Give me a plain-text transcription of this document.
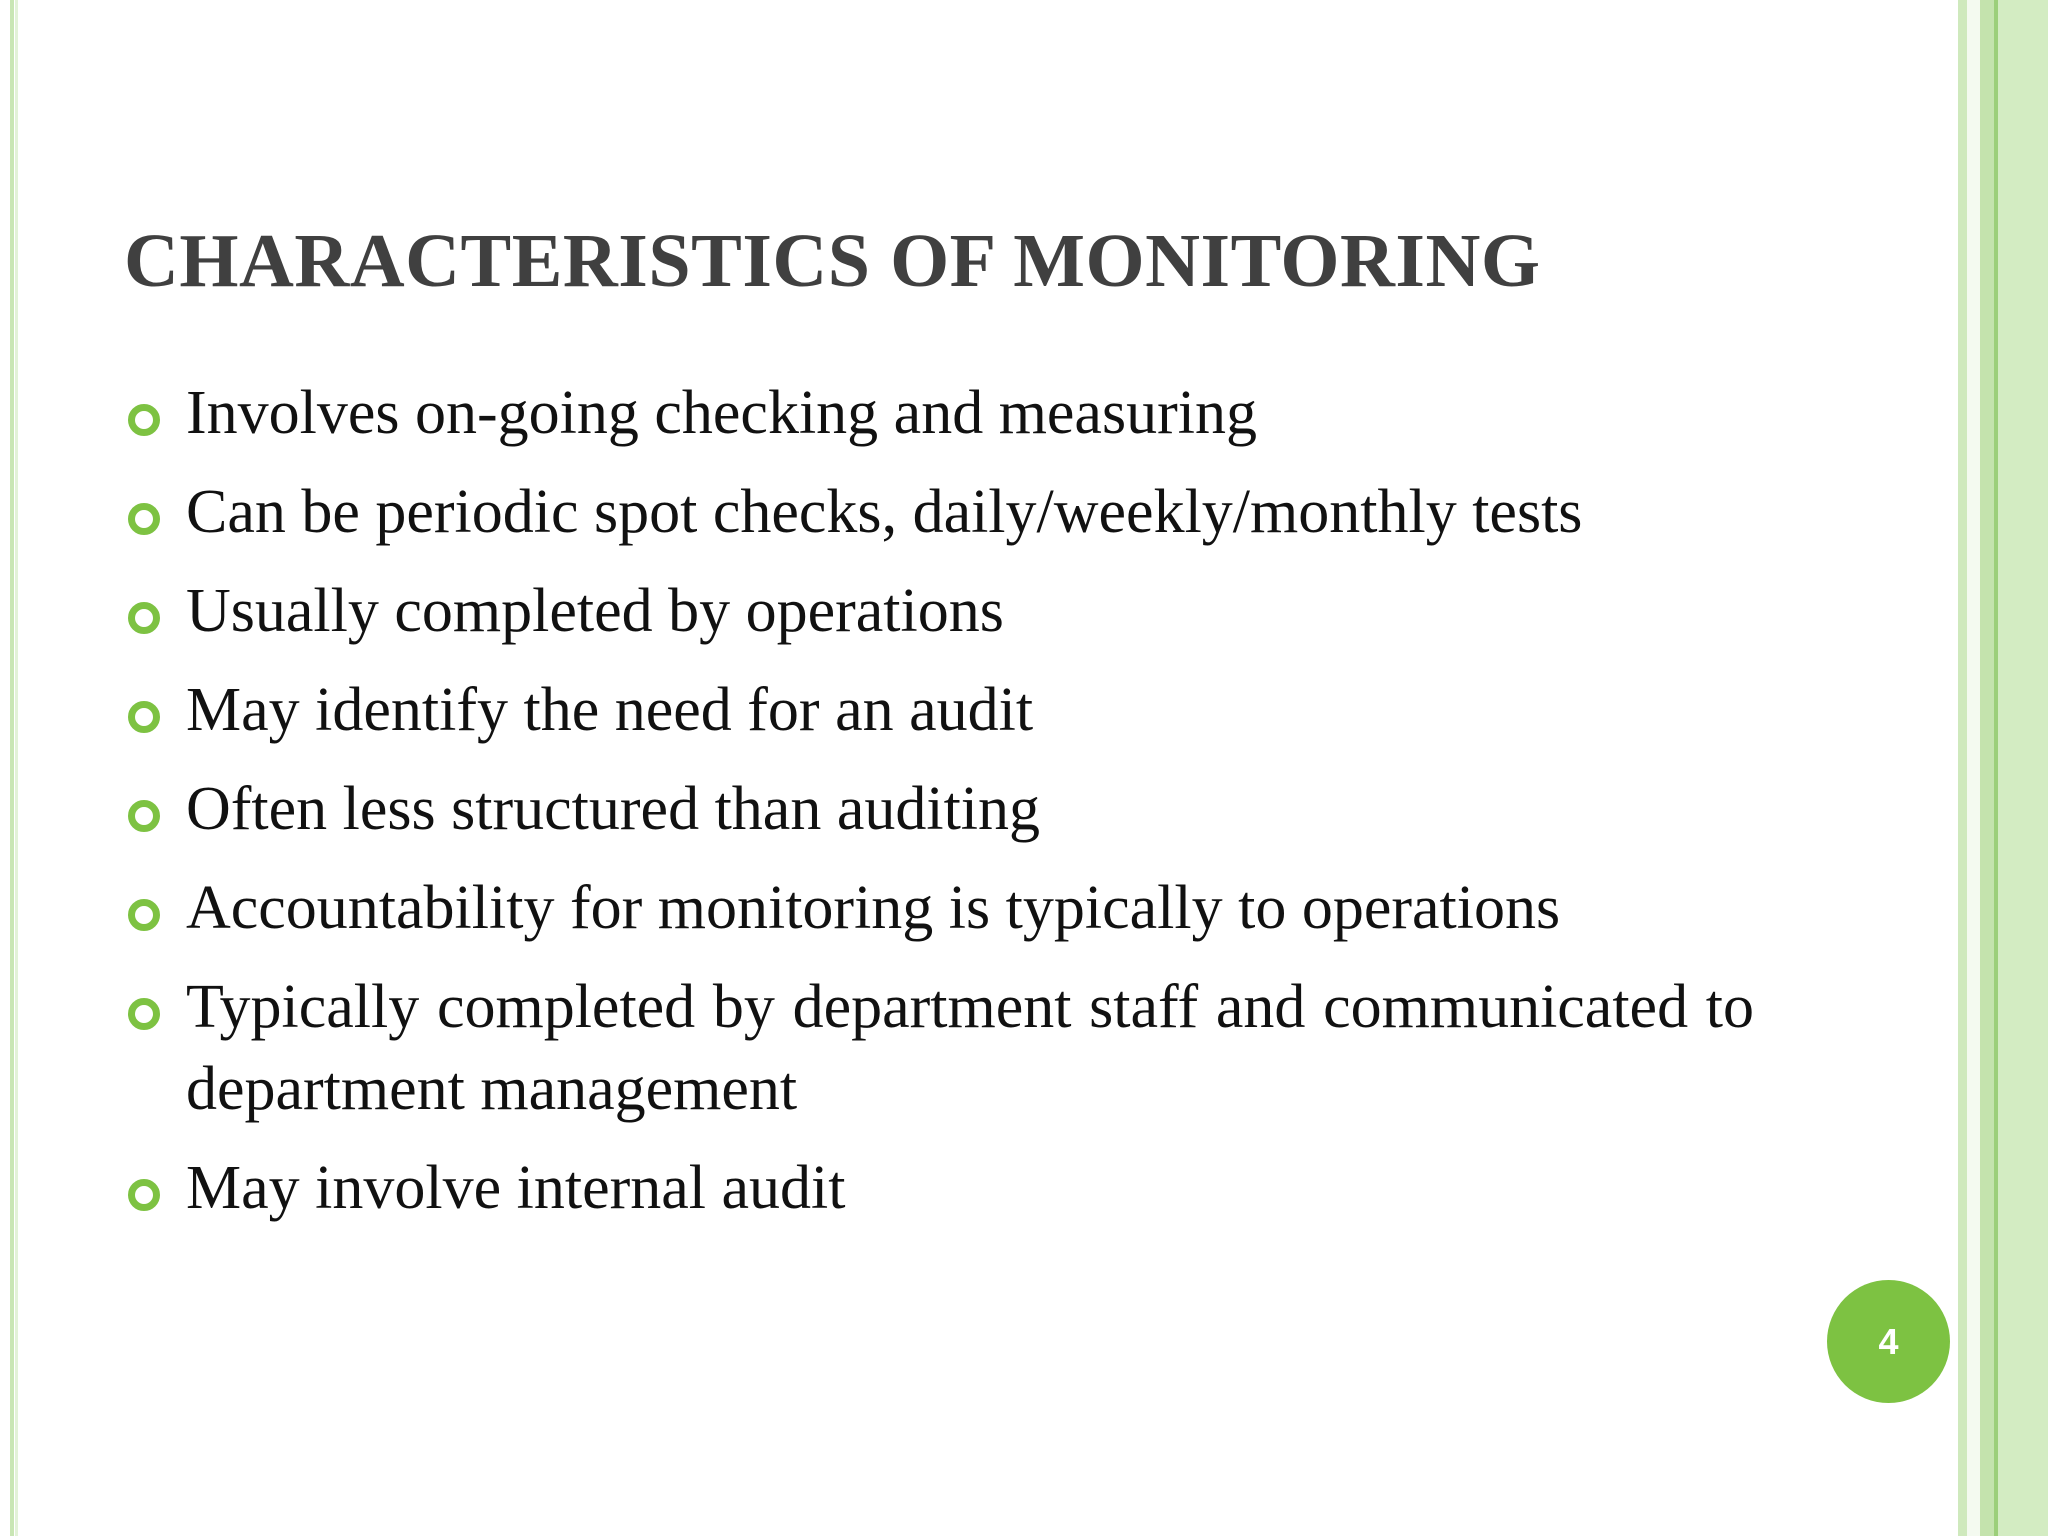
CHARACTERISTICS OF MONITORING
Involves on-going checking and measuring
Can be periodic spot checks, daily/weekly/monthly tests
Usually completed by operations
May identify the need for an audit
Often less structured than auditing
Accountability for monitoring is typically to operations
Typically completed by department staff and communicated to department management
May involve internal audit
4
